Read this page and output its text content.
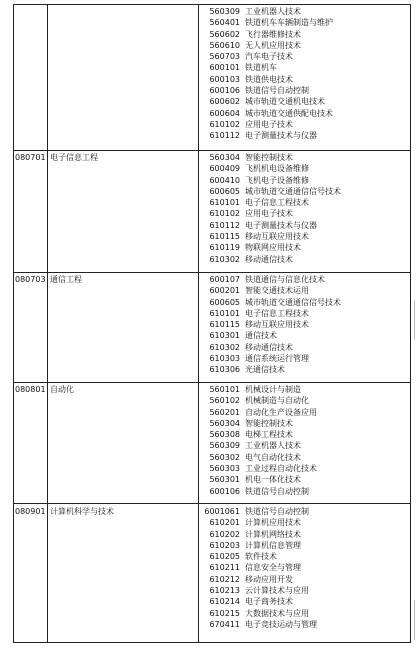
560309 工业机器人技术
560401 铁道机车车辆制造与维护
560602 飞行器维修技术
560610 无人机应用技术
560703 汽车电子技术
600101 铁道机车
600103 铁道供电技术
600106 铁道信号自动控制
600602 城市轨道交通机电技术
600604 城市轨道交通供配电技术
610102 应用电子技术
610112 电子测量技术与仪器
080701 电子信息工程	560304 智能控制技术
600409 飞机机电设备维修
600410 飞机电子设备维修
600605 城市轨道交通通信信号技术
610101 电子信息工程技术
610102 应用电子技术
610112 电子测量技术与仪器
610115 移动互联应用技术
610119 物联网应用技术
610302 移动通信技术
080703 通信工程	600107 铁道通信与信息化技术
600201 智能交通技术运用
600605 城市轨道交通通信信号技术
610101 电子信息工程技术
610115 移动互联应用技术
610301 通信技术
610302 移动通信技术
610303 通信系统运行管理
610306 光通信技术
080801 自动化	560101 机械设计与制造
560102 机械制造与自动化
560201 自动化生产设备应用
560304 智能控制技术
560308 电梯工程技术
560309 工业机器人技术
560302 电气自动化技术
560303 工业过程自动化技术
560301 机电一体化技术
600106 铁道信号自动控制
080901 计算机科学与技术	6001061 铁道信号自动控制
610201 计算机应用技术
610202 计算机网络技术
610203 计算机信息管理
610205 软件技术
610211 信息安全与管理
610212 移动应用开发
610213 云计算技术与应用
610214 电子商务技术
610215 大数据技术与应用
670411 电子竞技运动与管理
